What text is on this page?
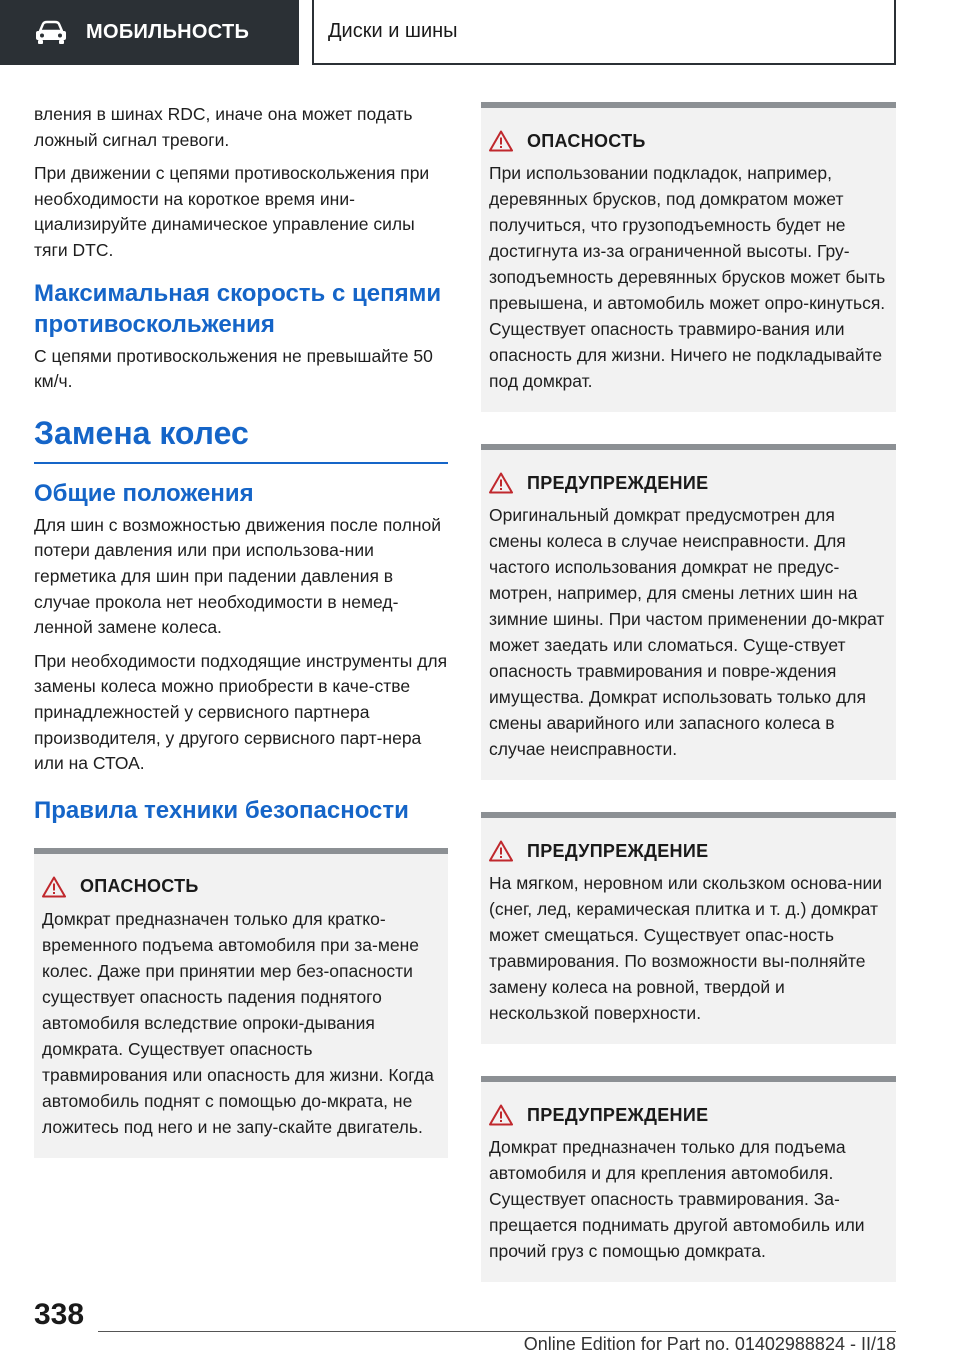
МОБИЛЬНОСТЬ	Диски и шины

вления в шинах RDC, иначе она может подать ложный сигнал тревоги.

При движении с цепями противоскольжения при необходимости на короткое время ини-циализируйте динамическое управление силы тяги DTC.

Максимальная скорость с цепями противоскольжения

С цепями противоскольжения не превышайте 50 км/ч.

Замена колес
Общие положения

Для шин с возможностью движения после полной потери давления или при использова-нии герметика для шин при падении давления в случае прокола нет необходимости в немед-ленной замене колеса.

При необходимости подходящие инструменты для замены колеса можно приобрести в каче-стве принадлежностей у сервисного партнера производителя, у другого сервисного парт-нера или на СТОА.

Правила техники безопасности
ОПАСНОСТЬ

Домкрат предназначен только для кратко-временного подъема автомобиля при за-мене колес. Даже при принятии мер без-опасности существует опасность падения поднятого автомобиля вследствие опроки-дывания домкрата. Существует опасность травмирования или опасность для жизни. Когда автомобиль поднят с помощью до-мкрата, не ложитесь под него и не запу-скайте двигатель.

ОПАСНОСТЬ

При использовании подкладок, например, деревянных брусков, под домкратом может получиться, что грузоподъемность будет не достигнута из-за ограниченной высоты. Гру-зоподъемность деревянных брусков может быть превышена, и автомобиль может опро-кинуться. Существует опасность травмиро-вания или опасность для жизни. Ничего не подкладывайте под домкрат.

ПРЕДУПРЕЖДЕНИЕ

Оригинальный домкрат предусмотрен для смены колеса в случае неисправности. Для частого использования домкрат не предус-мотрен, например, для смены летних шин на зимние шины. При частом применении до-мкрат может заедать или сломаться. Суще-ствует опасность травмирования и повре-ждения имущества. Домкрат использовать только для смены аварийного или запасного колеса в случае неисправности.

ПРЕДУПРЕЖДЕНИЕ

На мягком, неровном или скользком основа-нии (снег, лед, керамическая плитка и т. д.) домкрат может смещаться. Существует опас-ность травмирования. По возможности вы-полняйте замену колеса на ровной, твердой и нескользкой поверхности.

ПРЕДУПРЕЖДЕНИЕ

Домкрат предназначен только для подъема автомобиля и для крепления автомобиля. Существует опасность травмирования. За-прещается поднимать другой автомобиль или прочий груз с помощью домкрата.

338
Online Edition for Part no. 01402988824 - II/18
